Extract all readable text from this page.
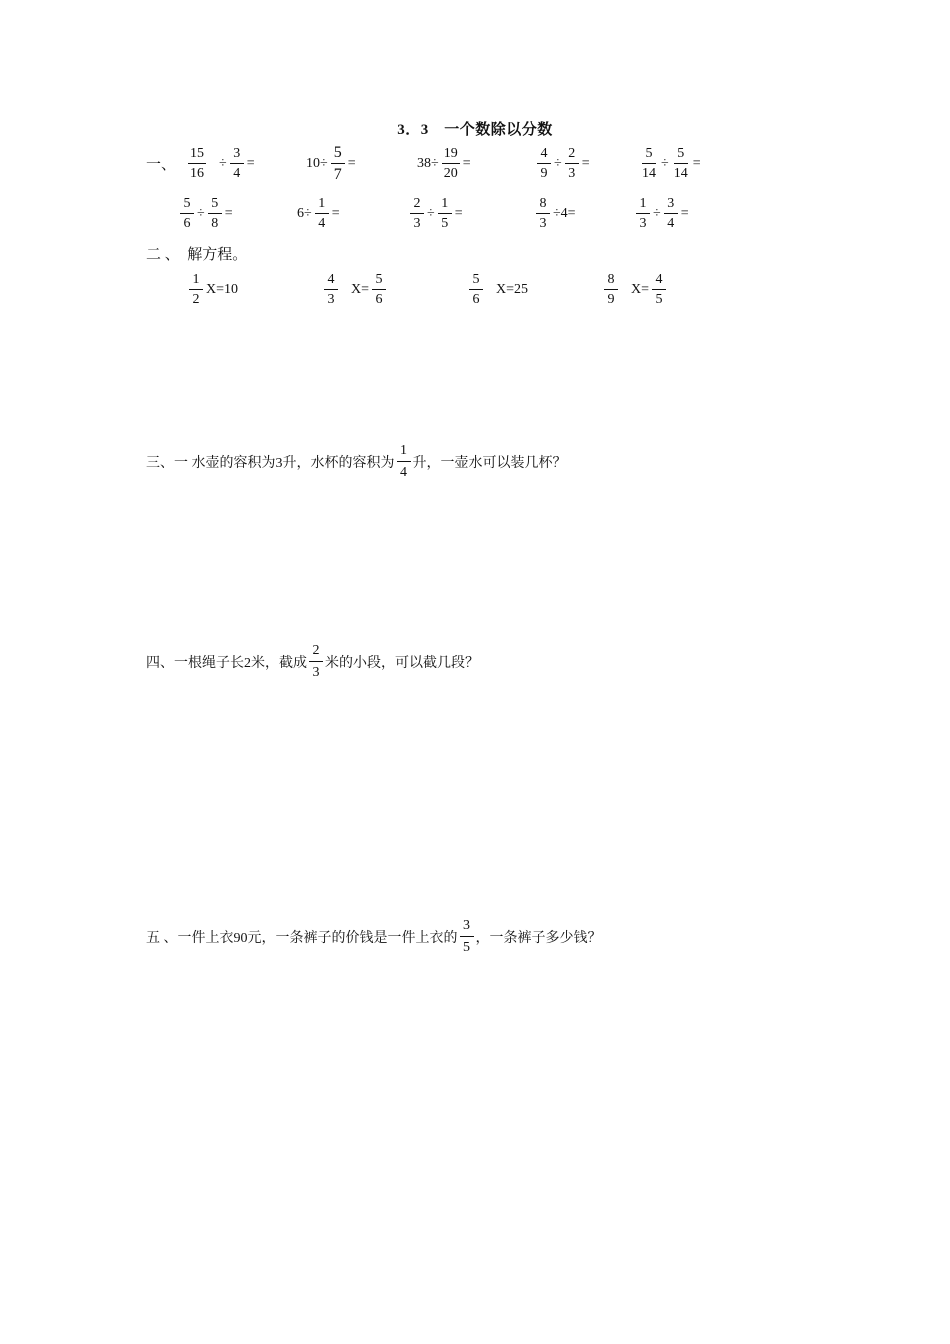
3．3　一个数除以分数
一、 $\frac{15}{16} \div \frac{3}{4}$ =	$10\div \frac{5}{7}$ =	$38\div \frac{19}{20}$ =	$\frac{4}{9} \div \frac{2}{3}$ =	$\frac{5}{14} \div \frac{5}{14}$ =
$\frac{5}{6} \div \frac{5}{8}$ =	$6\div \frac{1}{4}$ =	$\frac{2}{3} \div \frac{1}{5}$ =	$\frac{8}{3} \div 4=$	$\frac{1}{3} \div \frac{3}{4}$ =
二 、　解方程。
$\frac{1}{2} X=10$	$\frac{4}{3} X= \frac{5}{6}$	$\frac{5}{6} X=25$	$\frac{8}{9} X= \frac{4}{5}$
三、一 水壶的容积为3升，水杯的容积为 $\frac{1}{4}$ 升，一壶水可以装几杯？
四、一根绳子长2米，截成 $\frac{2}{3}$ 米的小段，可以截几段？
五 、一件上衣90元，一条裤子的价钱是一件上衣的 $\frac{3}{5}$ ，一条裤子多少钱？
